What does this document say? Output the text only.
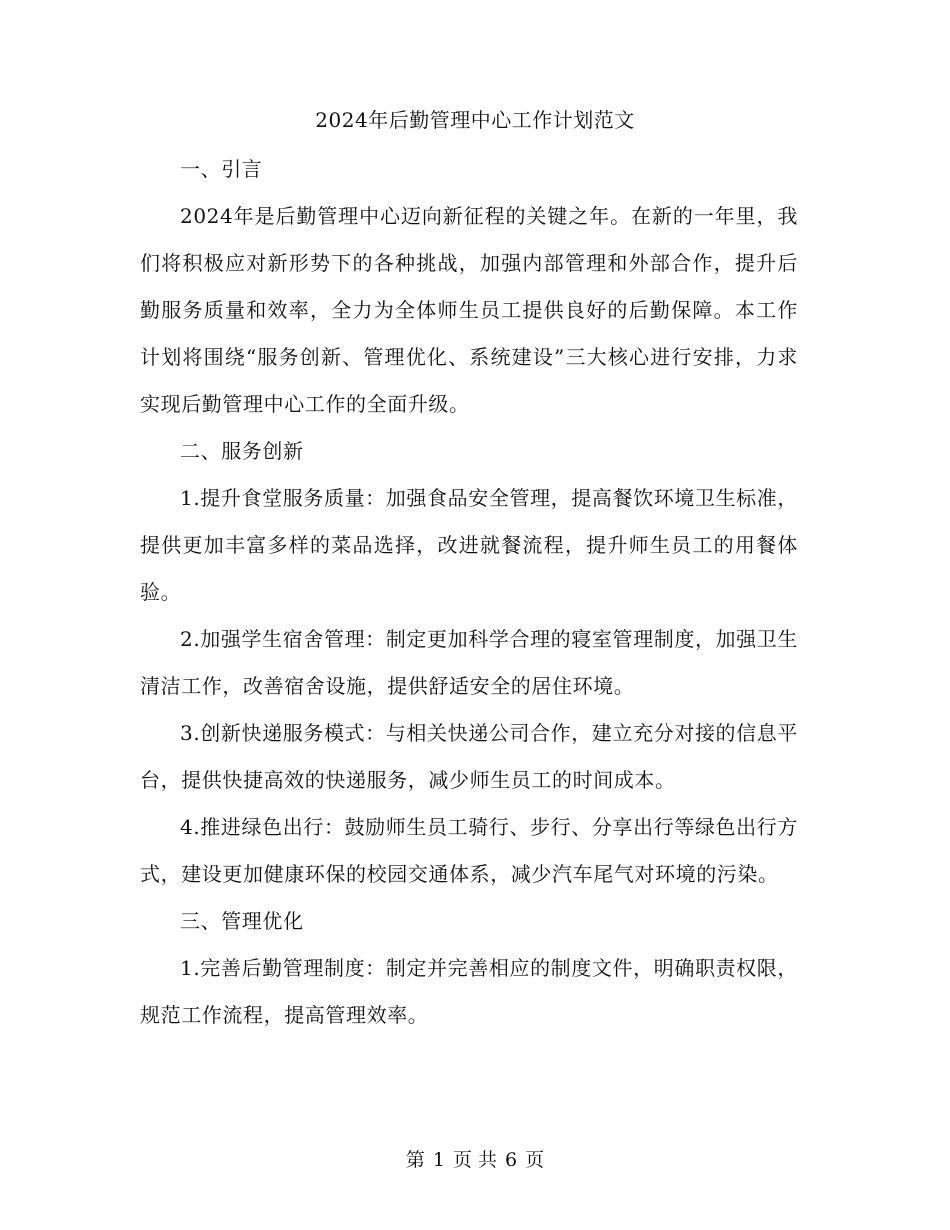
2024年后勤管理中心工作计划范文

一、引言

2024年是后勤管理中心迈向新征程的关键之年。在新的一年里，我们将积极应对新形势下的各种挑战，加强内部管理和外部合作，提升后勤服务质量和效率，全力为全体师生员工提供良好的后勤保障。本工作计划将围绕“服务创新、管理优化、系统建设”三大核心进行安排，力求实现后勤管理中心工作的全面升级。

二、服务创新

1.提升食堂服务质量：加强食品安全管理，提高餐饮环境卫生标准，提供更加丰富多样的菜品选择，改进就餐流程，提升师生员工的用餐体验。

2.加强学生宿舍管理：制定更加科学合理的寝室管理制度，加强卫生清洁工作，改善宿舍设施，提供舒适安全的居住环境。

3.创新快递服务模式：与相关快递公司合作，建立充分对接的信息平台，提供快捷高效的快递服务，减少师生员工的时间成本。

4.推进绿色出行：鼓励师生员工骑行、步行、分享出行等绿色出行方式，建设更加健康环保的校园交通体系，减少汽车尾气对环境的污染。

三、管理优化

1.完善后勤管理制度：制定并完善相应的制度文件，明确职责权限，规范工作流程，提高管理效率。

第 1 页 共 6 页
